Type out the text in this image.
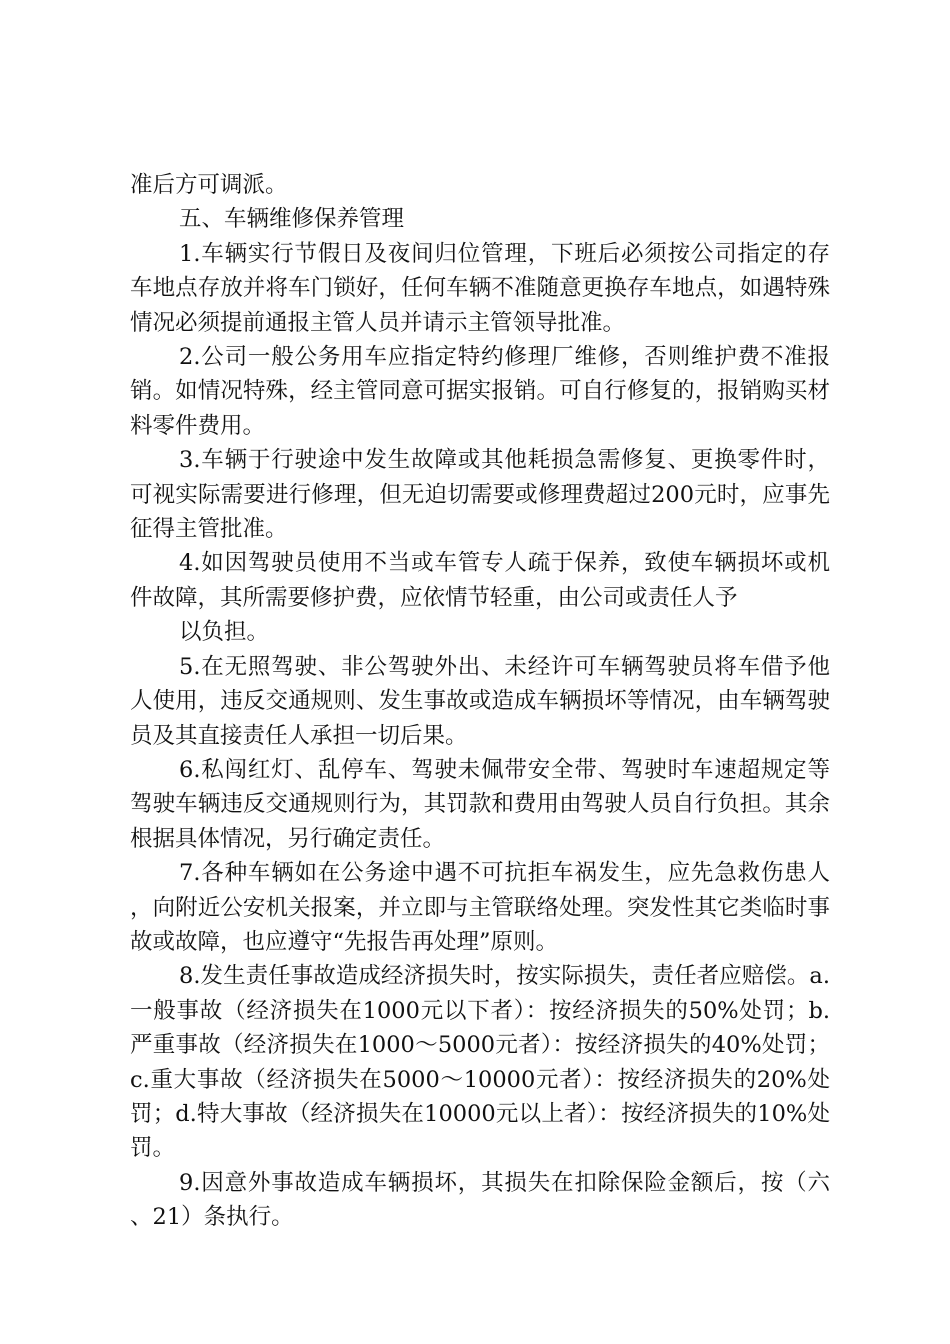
准后方可调派。

五、车辆维修保养管理

1.车辆实行节假日及夜间归位管理，下班后必须按公司指定的存车地点存放并将车门锁好，任何车辆不准随意更换存车地点，如遇特殊情况必须提前通报主管人员并请示主管领导批准。

2.公司一般公务用车应指定特约修理厂维修，否则维护费不准报销。如情况特殊，经主管同意可据实报销。可自行修复的，报销购买材料零件费用。

3.车辆于行驶途中发生故障或其他耗损急需修复、更换零件时，可视实际需要进行修理，但无迫切需要或修理费超过200元时，应事先征得主管批准。

4.如因驾驶员使用不当或车管专人疏于保养，致使车辆损坏或机件故障，其所需要修护费，应依情节轻重，由公司或责任人予

以负担。

5.在无照驾驶、非公驾驶外出、未经许可车辆驾驶员将车借予他人使用，违反交通规则、发生事故或造成车辆损坏等情况，由车辆驾驶员及其直接责任人承担一切后果。

6.私闯红灯、乱停车、驾驶未佩带安全带、驾驶时车速超规定等驾驶车辆违反交通规则行为，其罚款和费用由驾驶人员自行负担。其余根据具体情况，另行确定责任。

7.各种车辆如在公务途中遇不可抗拒车祸发生，应先急救伤患人，向附近公安机关报案，并立即与主管联络处理。突发性其它类临时事故或故障，也应遵守“先报告再处理”原则。

8.发生责任事故造成经济损失时，按实际损失，责任者应赔偿。a.一般事故（经济损失在1000元以下者）：按经济损失的50%处罚；b.严重事故（经济损失在1000～5000元者）：按经济损失的40%处罚；c.重大事故（经济损失在5000～10000元者）：按经济损失的20%处罚；d.特大事故（经济损失在10000元以上者）：按经济损失的10%处罚。

9.因意外事故造成车辆损坏，其损失在扣除保险金额后，按（六、21）条执行。
